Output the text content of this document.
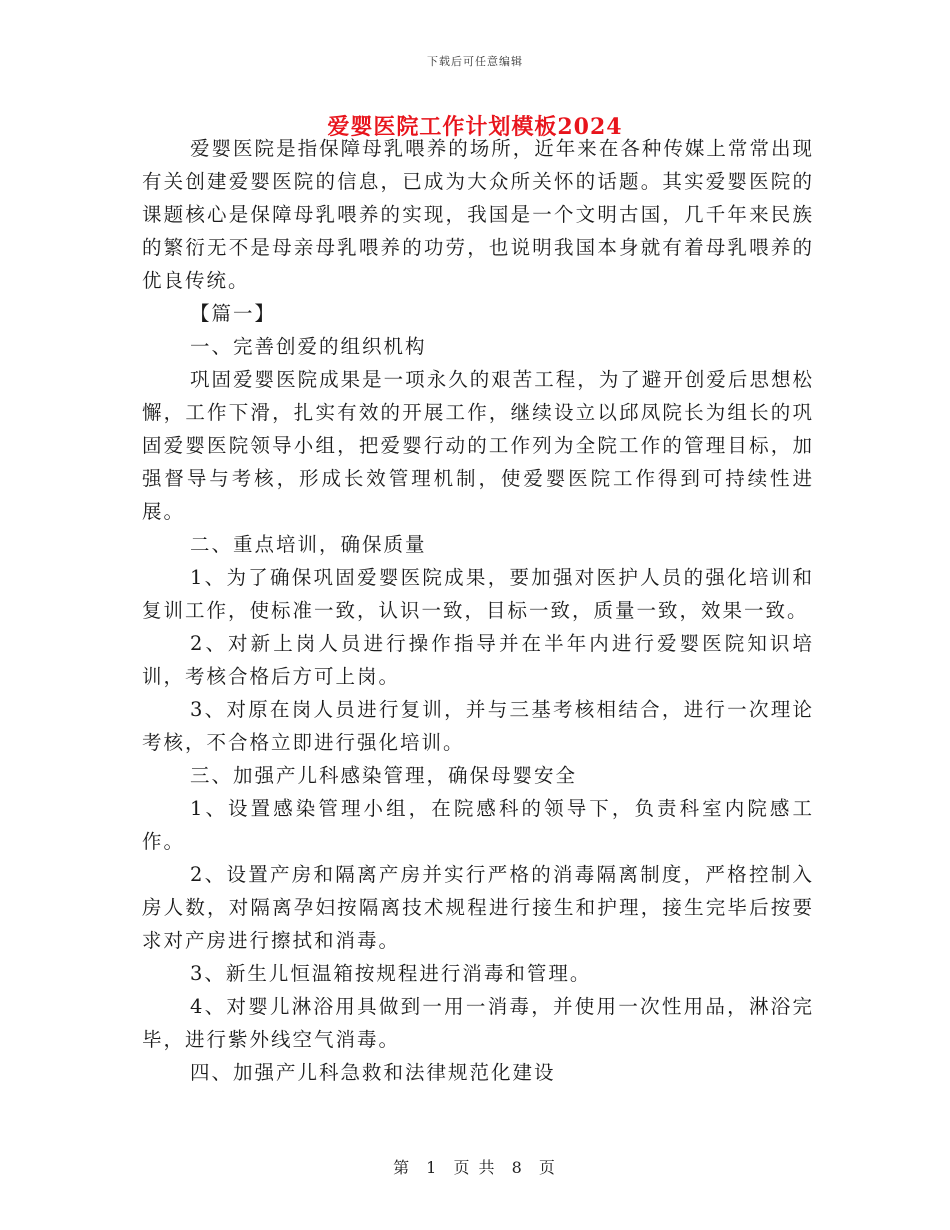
下载后可任意编辑
爱婴医院工作计划模板2024

爱婴医院是指保障母乳喂养的场所，近年来在各种传媒上常常出现有关创建爱婴医院的信息，已成为大众所关怀的话题。其实爱婴医院的课题核心是保障母乳喂养的实现，我国是一个文明古国，几千年来民族的繁衍无不是母亲母乳喂养的功劳，也说明我国本身就有着母乳喂养的优良传统。

【篇一】

一、完善创爱的组织机构

巩固爱婴医院成果是一项永久的艰苦工程，为了避开创爱后思想松懈，工作下滑，扎实有效的开展工作，继续设立以邱凤院长为组长的巩固爱婴医院领导小组，把爱婴行动的工作列为全院工作的管理目标，加强督导与考核，形成长效管理机制，使爱婴医院工作得到可持续性进展。

二、重点培训，确保质量

1、为了确保巩固爱婴医院成果，要加强对医护人员的强化培训和复训工作，使标准一致，认识一致，目标一致，质量一致，效果一致。

2、对新上岗人员进行操作指导并在半年内进行爱婴医院知识培训，考核合格后方可上岗。

3、对原在岗人员进行复训，并与三基考核相结合，进行一次理论考核，不合格立即进行强化培训。

三、加强产儿科感染管理，确保母婴安全

1、设置感染管理小组，在院感科的领导下，负责科室内院感工作。

2、设置产房和隔离产房并实行严格的消毒隔离制度，严格控制入房人数，对隔离孕妇按隔离技术规程进行接生和护理，接生完毕后按要求对产房进行擦拭和消毒。

3、新生儿恒温箱按规程进行消毒和管理。

4、对婴儿淋浴用具做到一用一消毒，并使用一次性用品，淋浴完毕，进行紫外线空气消毒。

四、加强产儿科急救和法律规范化建设

第 1 页 共 8 页
